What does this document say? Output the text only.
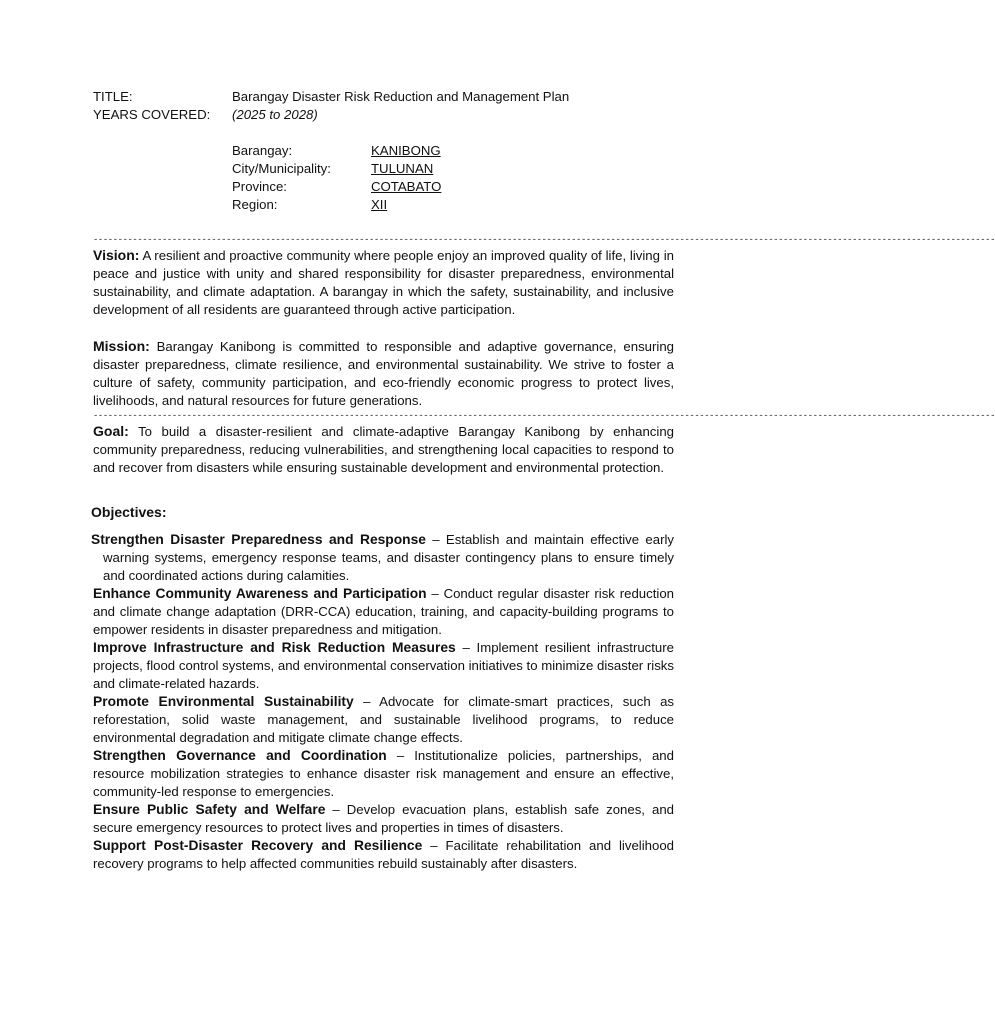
TITLE:	Barangay Disaster Risk Reduction and Management Plan
YEARS COVERED:	(2025 to 2028)
Barangay:	KANIBONG
City/Municipality:	TULUNAN
Province:	COTABATO
Region:	XII
---------------------------------------------------------------------------------------------------------------------------------------------------------------------------------------

Vision: A resilient and proactive community where people enjoy an improved quality of life, living in peace and justice with unity and shared responsibility for disaster preparedness, environmental sustainability, and climate adaptation. A barangay in which the safety, sustainability, and inclusive development of all residents are guaranteed through active participation.

Mission: Barangay Kanibong is committed to responsible and adaptive governance, ensuring disaster preparedness, climate resilience, and environmental sustainability. We strive to foster a culture of safety, community participation, and eco-friendly economic progress to protect lives, livelihoods, and natural resources for future generations.

---------------------------------------------------------------------------------------------------------------------------------------------------------------------------------------

Goal: To build a disaster-resilient and climate-adaptive Barangay Kanibong by enhancing community preparedness, reducing vulnerabilities, and strengthening local capacities to respond to and recover from disasters while ensuring sustainable development and environmental protection.

Objectives:

Strengthen Disaster Preparedness and Response – Establish and maintain effective early warning systems, emergency response teams, and disaster contingency plans to ensure timely and coordinated actions during calamities.

Enhance Community Awareness and Participation – Conduct regular disaster risk reduction and climate change adaptation (DRR-CCA) education, training, and capacity-building programs to empower residents in disaster preparedness and mitigation.

Improve Infrastructure and Risk Reduction Measures – Implement resilient infrastructure projects, flood control systems, and environmental conservation initiatives to minimize disaster risks and climate-related hazards.

Promote Environmental Sustainability – Advocate for climate-smart practices, such as reforestation, solid waste management, and sustainable livelihood programs, to reduce environmental degradation and mitigate climate change effects.

Strengthen Governance and Coordination – Institutionalize policies, partnerships, and resource mobilization strategies to enhance disaster risk management and ensure an effective, community-led response to emergencies.

Ensure Public Safety and Welfare – Develop evacuation plans, establish safe zones, and secure emergency resources to protect lives and properties in times of disasters.

Support Post-Disaster Recovery and Resilience – Facilitate rehabilitation and livelihood recovery programs to help affected communities rebuild sustainably after disasters.
